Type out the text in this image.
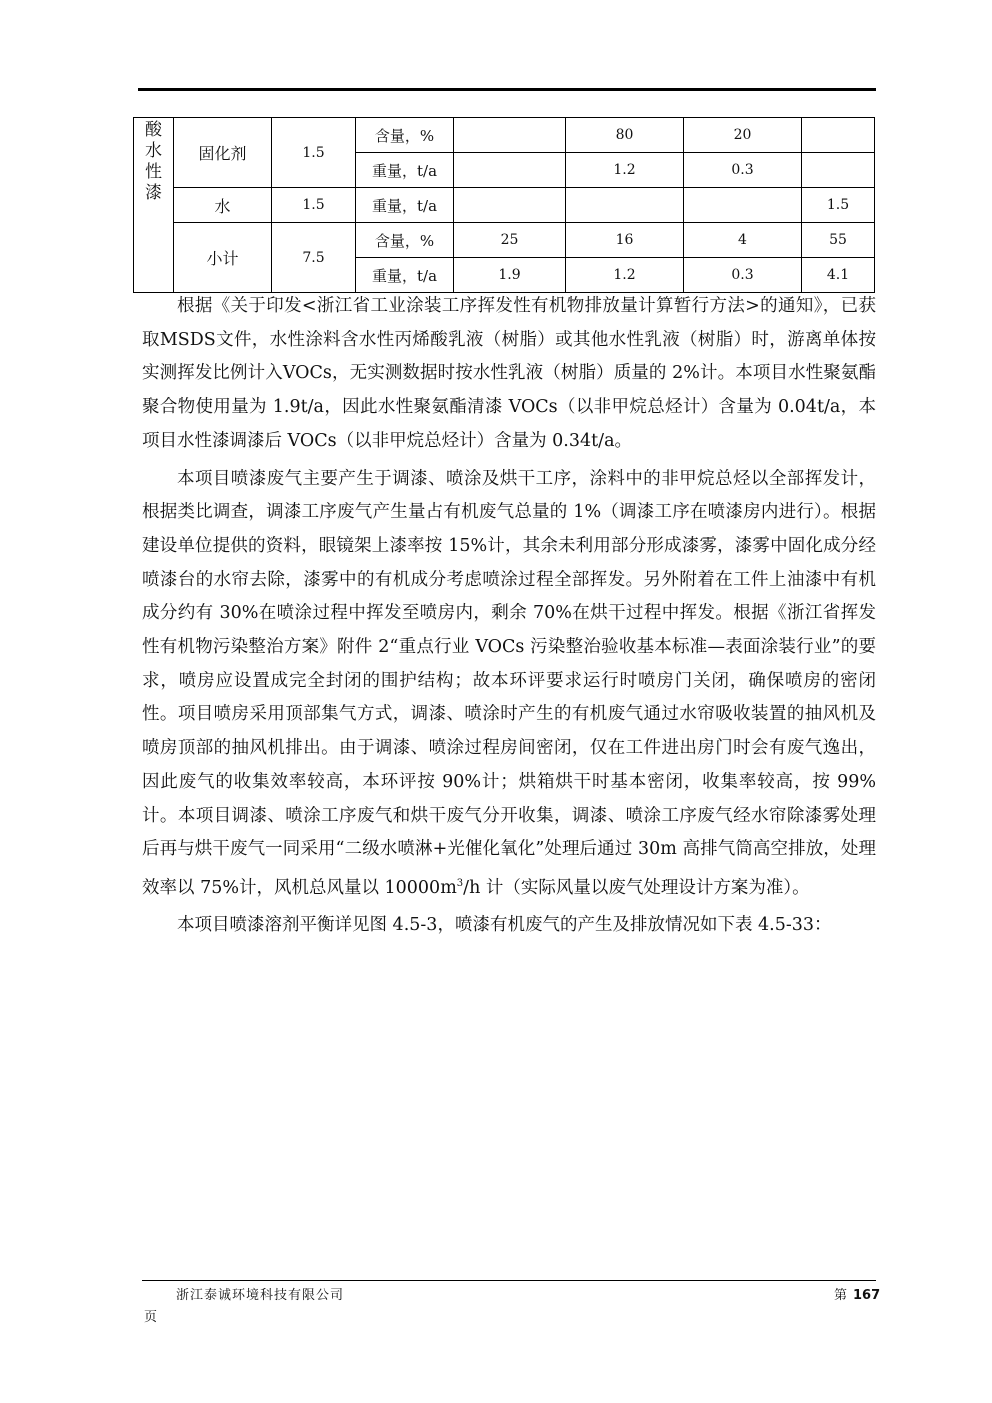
酸
水
性
漆	固化剂	1.5	含量，%		80	20	
			重量，t/a		1.2	0.3	
	水	1.5	重量，t/a				1.5
	小计	7.5	含量，%	25	16	4	55
			重量，t/a	1.9	1.2	0.3	4.1

根据《关于印发<浙江省工业涂装工序挥发性有机物排放量计算暂行方法>的通知》，已获取MSDS文件，水性涂料含水性丙烯酸乳液（树脂）或其他水性乳液（树脂）时，游离单体按实测挥发比例计入VOCs，无实测数据时按水性乳液（树脂）质量的 2%计。本项目水性聚氨酯聚合物使用量为 1.9t/a，因此水性聚氨酯清漆 VOCs（以非甲烷总烃计）含量为 0.04t/a，本项目水性漆调漆后 VOCs（以非甲烷总烃计）含量为 0.34t/a。

本项目喷漆废气主要产生于调漆、喷涂及烘干工序，涂料中的非甲烷总烃以全部挥发计，根据类比调查，调漆工序废气产生量占有机废气总量的 1%（调漆工序在喷漆房内进行）。根据建设单位提供的资料，眼镜架上漆率按 15%计，其余未利用部分形成漆雾，漆雾中固化成分经喷漆台的水帘去除，漆雾中的有机成分考虑喷涂过程全部挥发。另外附着在工件上油漆中有机成分约有 30%在喷涂过程中挥发至喷房内，剩余 70%在烘干过程中挥发。根据《浙江省挥发性有机物污染整治方案》附件 2“重点行业 VOCs 污染整治验收基本标准—表面涂装行业”的要求，喷房应设置成完全封闭的围护结构；故本环评要求运行时喷房门关闭，确保喷房的密闭性。项目喷房采用顶部集气方式，调漆、喷涂时产生的有机废气通过水帘吸收装置的抽风机及喷房顶部的抽风机排出。由于调漆、喷涂过程房间密闭，仅在工件进出房门时会有废气逸出，因此废气的收集效率较高，本环评按 90%计；烘箱烘干时基本密闭，收集率较高，按 99%计。本项目调漆、喷涂工序废气和烘干废气分开收集，调漆、喷涂工序废气经水帘除漆雾处理后再与烘干废气一同采用“二级水喷淋+光催化氧化”处理后通过 30m 高排气筒高空排放，处理效率以 75%计，风机总风量以 $10000m^3/h$ 计（实际风量以废气处理设计方案为准）。

本项目喷漆溶剂平衡详见图 4.5-3，喷漆有机废气的产生及排放情况如下表 4.5-33：

浙江泰诚环境科技有限公司	第 167
页
